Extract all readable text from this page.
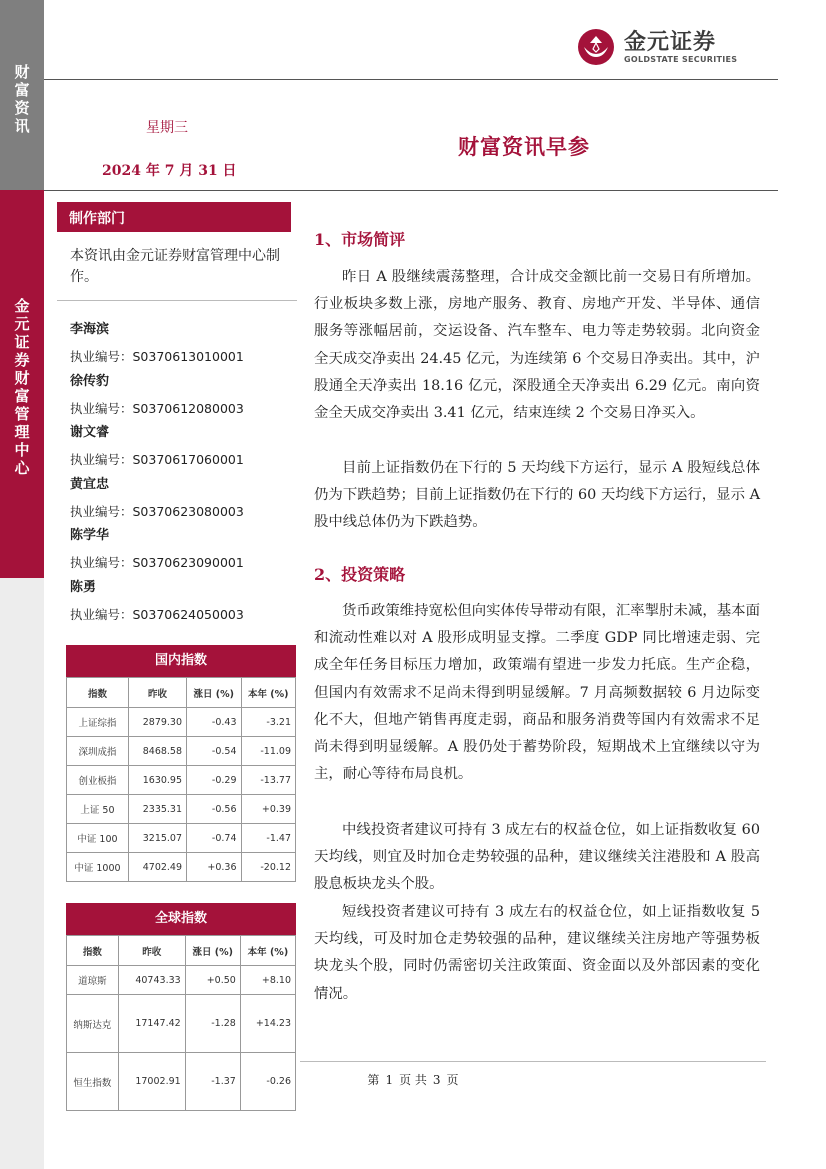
财富资讯
金元证券财富管理中心
金元证券
GOLDSTATE SECURITIES
星期三
2024 年 7 月 31 日
财富资讯早参
制作部门
本资讯由金元证券财富管理中心制作。
李海滨
执业编号：S0370613010001
徐传豹
执业编号：S0370612080003
谢文睿
执业编号：S0370617060001
黄宜忠
执业编号：S0370623080003
陈学华
执业编号：S0370623090001
陈勇
执业编号：S0370624050003
国内指数
指数	昨收	涨日 (%)	本年 (%)
上证综指	2879.30	-0.43	-3.21
深圳成指	8468.58	-0.54	-11.09
创业板指	1630.95	-0.29	-13.77
上证 50	2335.31	-0.56	+0.39
中证 100	3215.07	-0.74	-1.47
中证 1000	4702.49	+0.36	-20.12
全球指数
指数	昨收	涨日 (%)	本年 (%)
道琼斯	40743.33	+0.50	+8.10
纳斯达克	17147.42	-1.28	+14.23
恒生指数	17002.91	-1.37	-0.26
1、市场简评
昨日 A 股继续震荡整理，合计成交金额比前一交易日有所增加。行业板块多数上涨，房地产服务、教育、房地产开发、半导体、通信服务等涨幅居前，交运设备、汽车整车、电力等走势较弱。北向资金全天成交净卖出 24.45 亿元，为连续第 6 个交易日净卖出。其中，沪股通全天净卖出 18.16 亿元，深股通全天净卖出 6.29 亿元。南向资金全天成交净卖出 3.41 亿元，结束连续 2 个交易日净买入。
目前上证指数仍在下行的 5 天均线下方运行，显示 A 股短线总体仍为下跌趋势；目前上证指数仍在下行的 60 天均线下方运行，显示 A 股中线总体仍为下跌趋势。
2、投资策略
货币政策维持宽松但向实体传导带动有限，汇率掣肘未减，基本面和流动性难以对 A 股形成明显支撑。二季度 GDP 同比增速走弱、完成全年任务目标压力增加，政策端有望进一步发力托底。生产企稳，但国内有效需求不足尚未得到明显缓解。7 月高频数据较 6 月边际变化不大，但地产销售再度走弱，商品和服务消费等国内有效需求不足尚未得到明显缓解。A 股仍处于蓄势阶段，短期战术上宜继续以守为主，耐心等待布局良机。
中线投资者建议可持有 3 成左右的权益仓位，如上证指数收复 60 天均线，则宜及时加仓走势较强的品种，建议继续关注港股和 A 股高股息板块龙头个股。
短线投资者建议可持有 3 成左右的权益仓位，如上证指数收复 5 天均线，可及时加仓走势较强的品种，建议继续关注房地产等强势板块龙头个股，同时仍需密切关注政策面、资金面以及外部因素的变化情况。
第 1 页 共 3 页
